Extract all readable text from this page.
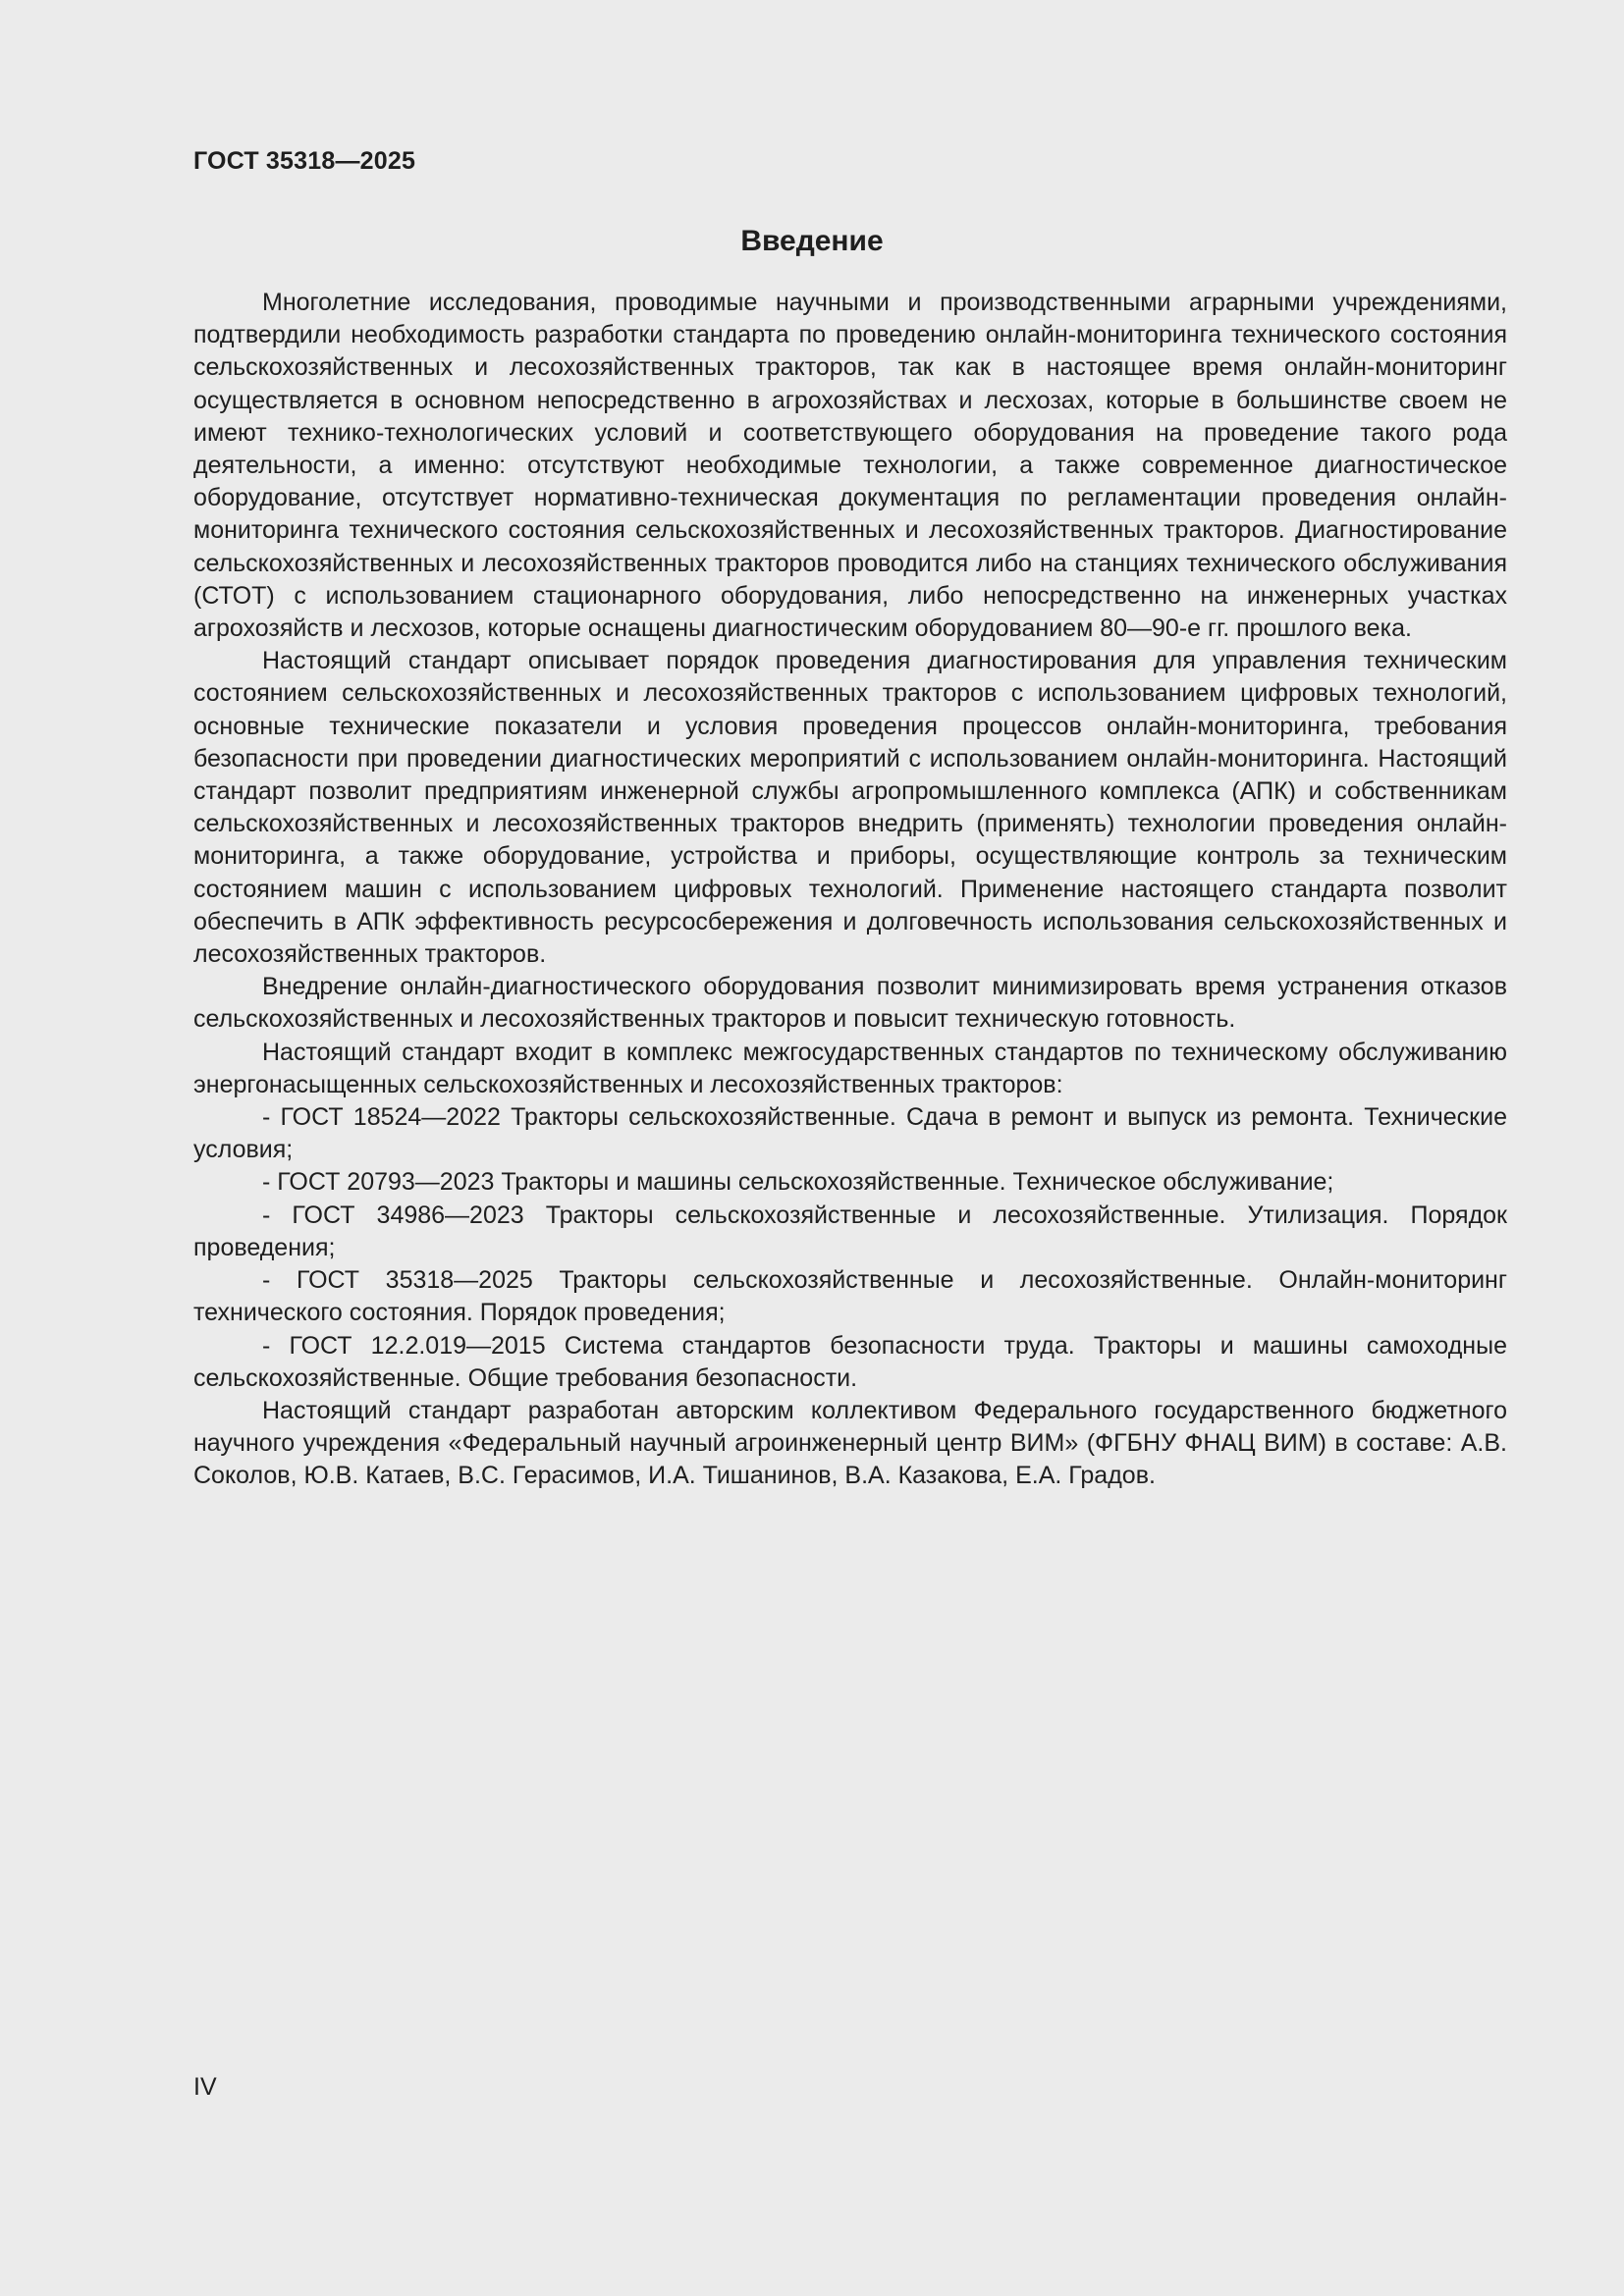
ГОСТ 35318—2025
Введение

Многолетние исследования, проводимые научными и производственными аграрными учреждениями, подтвердили необходимость разработки стандарта по проведению онлайн-мониторинга технического состояния сельскохозяйственных и лесохозяйственных тракторов, так как в настоящее время онлайн-мониторинг осуществляется в основном непосредственно в агрохозяйствах и лесхозах, которые в большинстве своем не имеют технико-технологических условий и соответствующего оборудования на проведение такого рода деятельности, а именно: отсутствуют необходимые технологии, а также современное диагностическое оборудование, отсутствует нормативно-техническая документация по регламентации проведения онлайн-мониторинга технического состояния сельскохозяйственных и лесохозяйственных тракторов. Диагностирование сельскохозяйственных и лесохозяйственных тракторов проводится либо на станциях технического обслуживания (СТОТ) с использованием стационарного оборудования, либо непосредственно на инженерных участках агрохозяйств и лесхозов, которые оснащены диагностическим оборудованием 80—90-е гг. прошлого века.

Настоящий стандарт описывает порядок проведения диагностирования для управления техническим состоянием сельскохозяйственных и лесохозяйственных тракторов с использованием цифровых технологий, основные технические показатели и условия проведения процессов онлайн-мониторинга, требования безопасности при проведении диагностических мероприятий с использованием онлайн-мониторинга. Настоящий стандарт позволит предприятиям инженерной службы агропромышленного комплекса (АПК) и собственникам сельскохозяйственных и лесохозяйственных тракторов внедрить (применять) технологии проведения онлайн-мониторинга, а также оборудование, устройства и приборы, осуществляющие контроль за техническим состоянием машин с использованием цифровых технологий. Применение настоящего стандарта позволит обеспечить в АПК эффективность ресурсосбережения и долговечность использования сельскохозяйственных и лесохозяйственных тракторов.

Внедрение онлайн-диагностического оборудования позволит минимизировать время устранения отказов сельскохозяйственных и лесохозяйственных тракторов и повысит техническую готовность.

Настоящий стандарт входит в комплекс межгосударственных стандартов по техническому обслуживанию энергонасыщенных сельскохозяйственных и лесохозяйственных тракторов:

- ГОСТ 18524—2022 Тракторы сельскохозяйственные. Сдача в ремонт и выпуск из ремонта. Технические условия;

- ГОСТ 20793—2023 Тракторы и машины сельскохозяйственные. Техническое обслуживание;

- ГОСТ 34986—2023 Тракторы сельскохозяйственные и лесохозяйственные. Утилизация. Порядок проведения;

- ГОСТ 35318—2025 Тракторы сельскохозяйственные и лесохозяйственные. Онлайн-мониторинг технического состояния. Порядок проведения;

- ГОСТ 12.2.019—2015 Система стандартов безопасности труда. Тракторы и машины самоходные сельскохозяйственные. Общие требования безопасности.

Настоящий стандарт разработан авторским коллективом Федерального государственного бюджетного научного учреждения «Федеральный научный агроинженерный центр ВИМ» (ФГБНУ ФНАЦ ВИМ) в составе: А.В. Соколов, Ю.В. Катаев, В.С. Герасимов, И.А. Тишанинов, В.А. Казакова, Е.А. Градов.

IV
